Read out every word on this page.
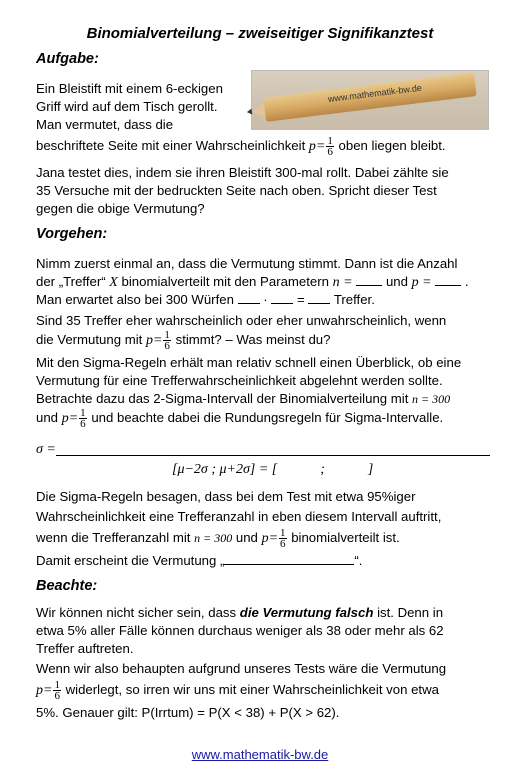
Binomialverteilung – zweiseitiger Signifikanztest
Aufgabe:
Ein Bleistift mit einem 6-eckigen
Griff wird auf dem Tisch gerollt.
Man vermutet, dass die
www.mathematik-bw.de
beschriftete Seite mit einer Wahrscheinlichkeit $p= \frac{1}{6}$ oben liegen bleibt.
Jana testet dies, indem sie ihren Bleistift 300-mal rollt. Dabei zählte sie
35 Versuche mit der bedruckten Seite nach oben. Spricht dieser Test
gegen die obige Vermutung?
Vorgehen:
Nimm zuerst einmal an, dass die Vermutung stimmt. Dann ist die Anzahl
der „Treffer“ X binomialverteilt mit den Parametern n =	und p =  .
Man erwartet also bei 300 Würfen · = Treffer.
Sind 35 Treffer eher wahrscheinlich oder eher unwahrscheinlich, wenn
die Vermutung mit $p= \frac{1}{6}$ stimmt? – Was meinst du?
Mit den Sigma-Regeln erhält man relativ schnell einen Überblick, ob eine
Vermutung für eine Trefferwahrscheinlichkeit abgelehnt werden sollte.
Betrachte dazu das 2-Sigma-Intervall der Binomialverteilung mit n = 300
und $p= \frac{1}{6}$ und beachte dabei die Rundungsregeln für Sigma-Intervalle.
σ =
[μ−2σ ; μ+2σ] = [	;	]
Die Sigma-Regeln besagen, dass bei dem Test mit etwa 95%iger
Wahrscheinlichkeit eine Trefferanzahl in eben diesem Intervall auftritt,
wenn die Trefferanzahl mit n = 300 und $p= \frac{1}{6}$ binomialverteilt ist.
Damit erscheint die Vermutung „	“.
Beachte:
Wir können nicht sicher sein, dass die Vermutung falsch ist. Denn in
etwa 5% aller Fälle können durchaus weniger als 38 oder mehr als 62
Treffer auftreten.
Wenn wir also behaupten aufgrund unseres Tests wäre die Vermutung
$p= \frac{1}{6}$ widerlegt, so irren wir uns mit einer Wahrscheinlichkeit von etwa
5%. Genauer gilt: P(Irrtum) = P(X < 38) + P(X > 62).
www.mathematik-bw.de
